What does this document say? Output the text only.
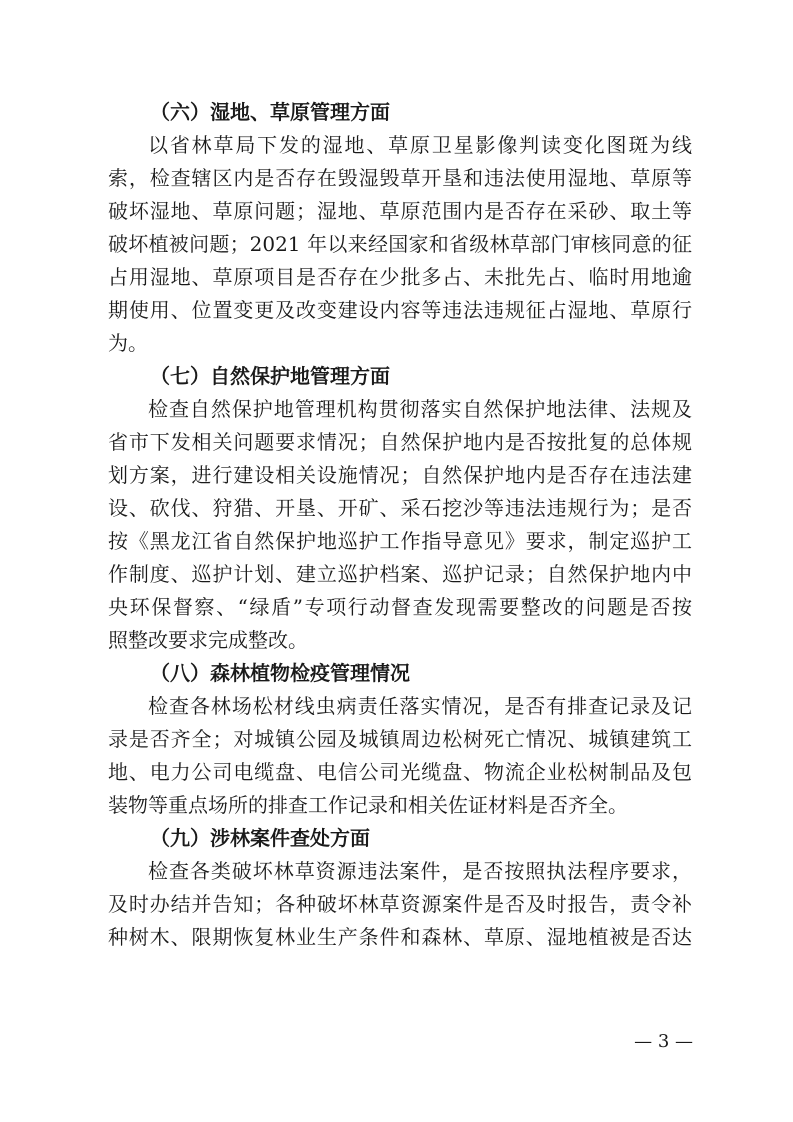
（六）湿地、草原管理方面
以省林草局下发的湿地、草原卫星影像判读变化图斑为线
索，检查辖区内是否存在毁湿毁草开垦和违法使用湿地、草原等
破坏湿地、草原问题；湿地、草原范围内是否存在采砂、取土等
破坏植被问题；2021 年以来经国家和省级林草部门审核同意的征
占用湿地、草原项目是否存在少批多占、未批先占、临时用地逾
期使用、位置变更及改变建设内容等违法违规征占湿地、草原行
为。
（七）自然保护地管理方面
检查自然保护地管理机构贯彻落实自然保护地法律、法规及
省市下发相关问题要求情况；自然保护地内是否按批复的总体规
划方案，进行建设相关设施情况；自然保护地内是否存在违法建
设、砍伐、狩猎、开垦、开矿、采石挖沙等违法违规行为；是否
按《黑龙江省自然保护地巡护工作指导意见》要求，制定巡护工
作制度、巡护计划、建立巡护档案、巡护记录；自然保护地内中
央环保督察、“绿盾”专项行动督查发现需要整改的问题是否按
照整改要求完成整改。
（八）森林植物检疫管理情况
检查各林场松材线虫病责任落实情况，是否有排查记录及记
录是否齐全；对城镇公园及城镇周边松树死亡情况、城镇建筑工
地、电力公司电缆盘、电信公司光缆盘、物流企业松树制品及包
装物等重点场所的排查工作记录和相关佐证材料是否齐全。
（九）涉林案件查处方面
检查各类破坏林草资源违法案件，是否按照执法程序要求，
及时办结并告知；各种破坏林草资源案件是否及时报告，责令补
种树木、限期恢复林业生产条件和森林、草原、湿地植被是否达
— 3 —
